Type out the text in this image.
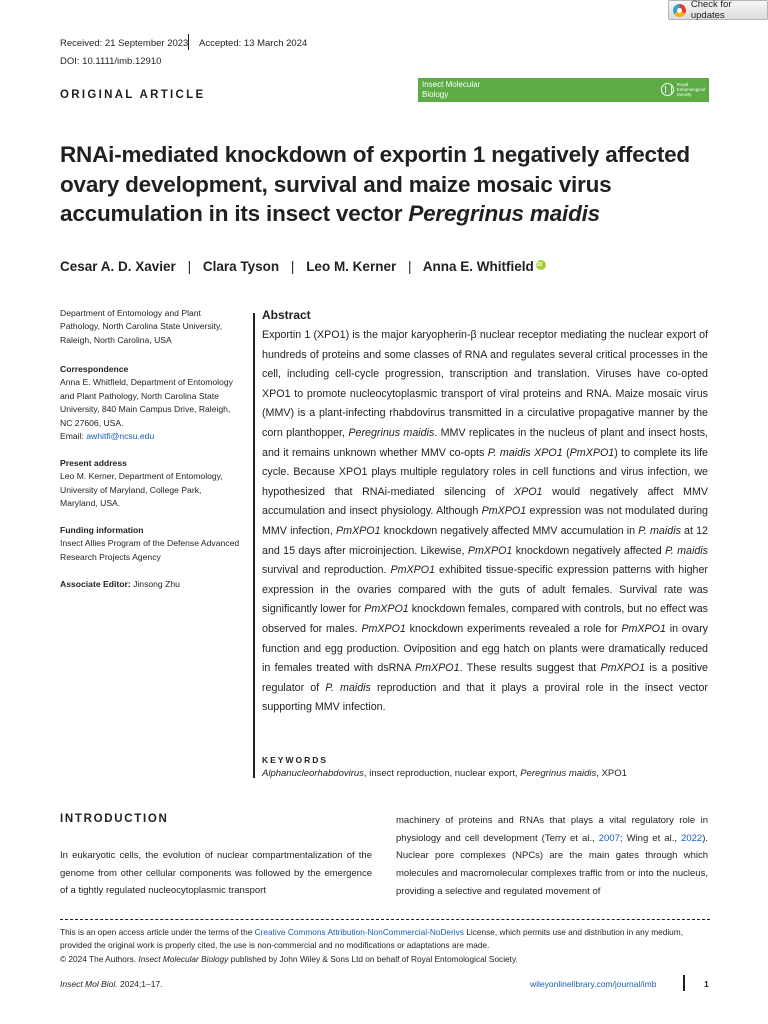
Check for updates
Received: 21 September 2023 Accepted: 13 March 2024
DOI: 10.1111/imb.12910
ORIGINAL ARTICLE
Insect Molecular
Biology
Royal
Entomological
Society
RNAi-mediated knockdown of exportin 1 negatively affected
ovary development, survival and maize mosaic virus
accumulation in its insect vector Peregrinus maidis
Cesar A. D. Xavier | Clara Tyson | Leo M. Kerner | Anna E. WhitfieldiD
Department of Entomology and Plant
Pathology, North Carolina State University,
Raleigh, North Carolina, USA
Correspondence
Anna E. Whitfield, Department of Entomology
and Plant Pathology, North Carolina State
University, 840 Main Campus Drive, Raleigh,
NC 27606, USA.
Email: awhitfi@ncsu.edu
Present address
Leo M. Kerner, Department of Entomology,
University of Maryland, College Park,
Maryland, USA.
Funding information
Insect Allies Program of the Defense Advanced
Research Projects Agency
Associate Editor: Jinsong Zhu
Abstract
Exportin 1 (XPO1) is the major karyopherin-β nuclear receptor mediating the nuclear export of hundreds of proteins and some classes of RNA and regulates several critical processes in the cell, including cell-cycle progression, transcription and translation. Viruses have co-opted XPO1 to promote nucleocytoplasmic transport of viral proteins and RNA. Maize mosaic virus (MMV) is a plant-infecting rhabdovirus transmitted in a circulative propagative manner by the corn planthopper, Peregrinus maidis. MMV replicates in the nucleus of plant and insect hosts, and it remains unknown whether MMV co-opts P. maidis XPO1 (PmXPO1) to complete its life cycle. Because XPO1 plays multiple regulatory roles in cell functions and virus infection, we hypothesized that RNAi-mediated silencing of XPO1 would negatively affect MMV accumulation and insect physiology. Although PmXPO1 expression was not modulated during MMV infection, PmXPO1 knockdown negatively affected MMV accumulation in P. maidis at 12 and 15 days after microinjection. Likewise, PmXPO1 knockdown negatively affected P. maidis survival and reproduction. PmXPO1 exhibited tissue-specific expression patterns with higher expression in the ovaries compared with the guts of adult females. Survival rate was significantly lower for PmXPO1 knockdown females, compared with controls, but no effect was observed for males. PmXPO1 knockdown experiments revealed a role for PmXPO1 in ovary function and egg production. Oviposition and egg hatch on plants were dramatically reduced in females treated with dsRNA PmXPO1. These results suggest that PmXPO1 is a positive regulator of P. maidis reproduction and that it plays a proviral role in the insect vector supporting MMV infection.
KEYWORDS
Alphanucleorhabdovirus, insect reproduction, nuclear export, Peregrinus maidis, XPO1
INTRODUCTION
In eukaryotic cells, the evolution of nuclear compartmentalization of the genome from other cellular components was followed by the emergence of a tightly regulated nucleocytoplasmic transport
machinery of proteins and RNAs that plays a vital regulatory role in physiology and cell development (Terry et al., 2007; Wing et al., 2022). Nuclear pore complexes (NPCs) are the main gates through which molecules and macromolecular complexes traffic from or into the nucleus, providing a selective and regulated movement of
This is an open access article under the terms of the Creative Commons Attribution-NonCommercial-NoDerivs License, which permits use and distribution in any medium, provided the original work is properly cited, the use is non-commercial and no modifications or adaptations are made.
© 2024 The Authors. Insect Molecular Biology published by John Wiley & Sons Ltd on behalf of Royal Entomological Society.
Insect Mol Biol. 2024;1–17.	wileyonlinelibrary.com/journal/imb	1
